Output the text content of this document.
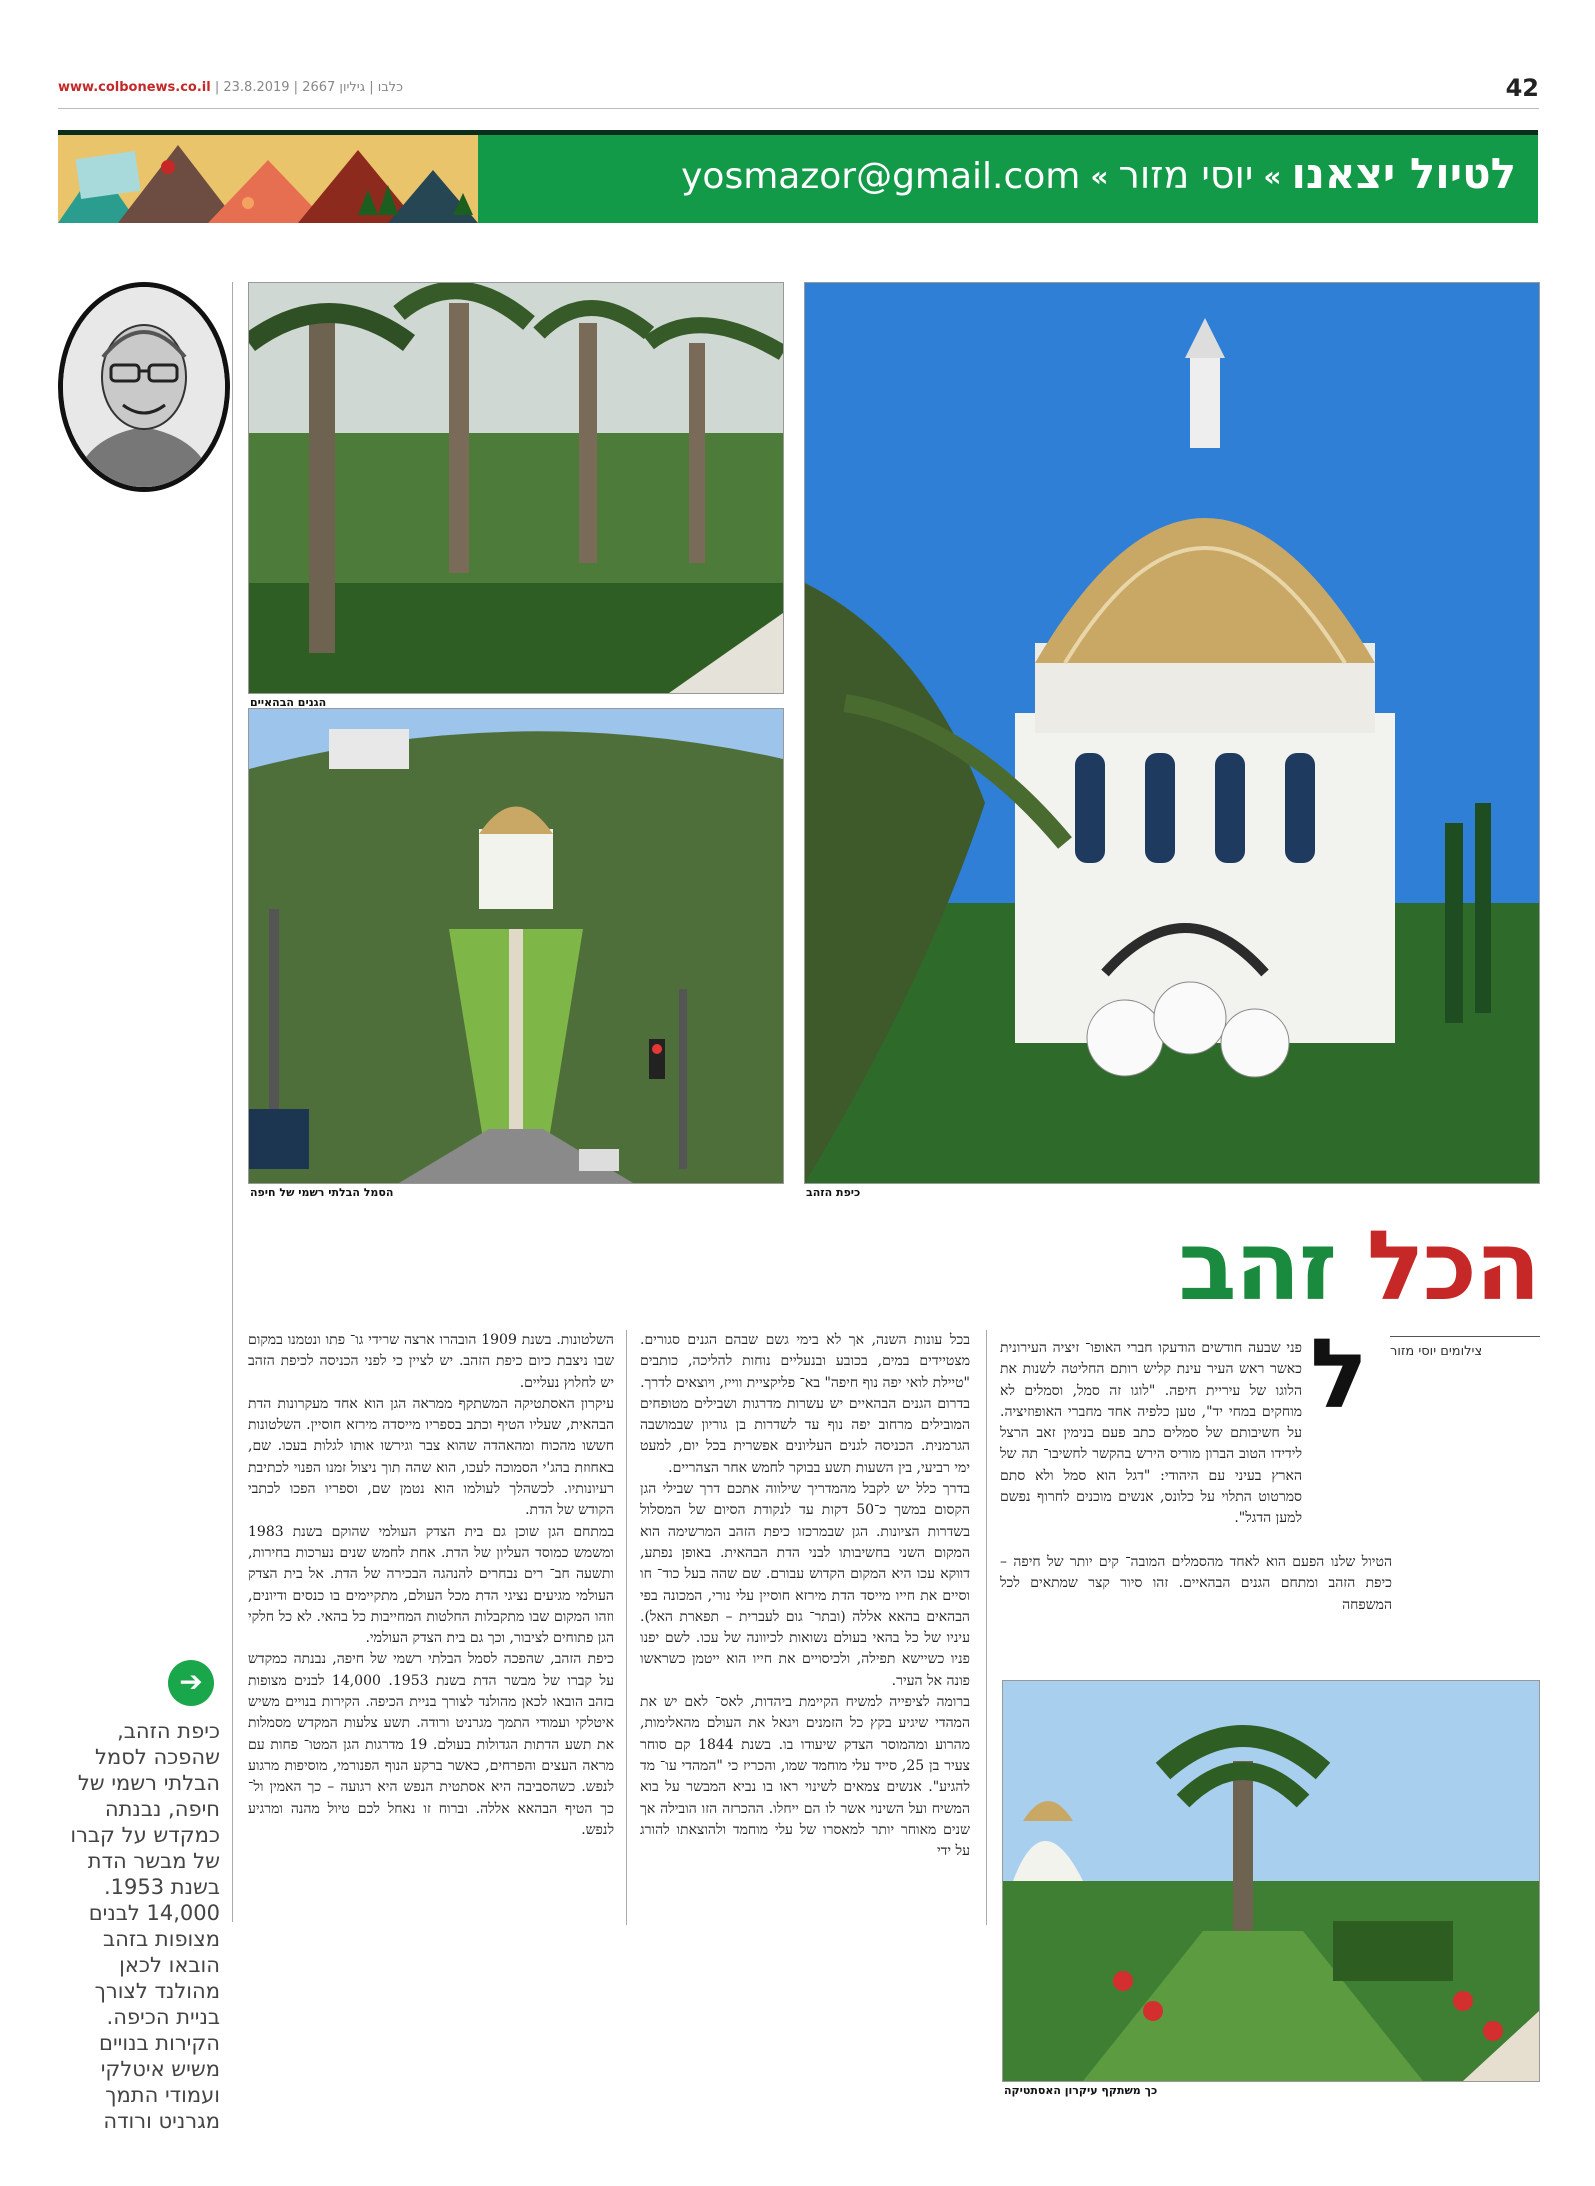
www.colbonews.co.il | כלבו | גיליון 2667 | 23.8.2019	42
לטיול יצאנו»יוסי מזור»yosmazor@gmail.com
כיפת הזהב
הגנים הבהאיים
הסמל הבלתי רשמי של חיפה
הכל זהב
צילומים יוסי מזור
ל

פני שבעה חודשים הודעקו חברי האופו־ זיציה העירונית כאשר ראש העיר עינת קליש רותם החליטה לשנות את הלוגו של עיריית חיפה. "לוגו זה סמל, וסמלים לא מוחקים במחי יד", טען כלפיה אחד מחברי האופוזיציה. על חשיבותם של סמלים כתב פעם בנימין זאב הרצל לידידו הטוב הברון מוריס הירש בהקשר לחשיבו־ תה של הארץ בעיני עם היהודי: "דגל הוא סמל ולא סתם סמרטוט התלוי על כלונס, אנשים מוכנים לחרוף נפשם למען הדגל".

הטיול שלנו הפעם הוא לאחד מהסמלים המובה־ קים יותר של חיפה – כיפת הזהב ומתחם הגנים הבהאיים. זהו סיור קצר שמתאים לכל המשפחה

בכל עונות השנה, אך לא בימי גשם שבהם הגנים סגורים. מצטיידים במים, בכובע ובנעליים נוחות להליכה, כותבים "טיילת לואי יפה נוף חיפה" בא־ פליקציית ווייז, ויוצאים לדרך.

בדרום הגנים הבהאיים יש עשרות מדרגות ושבילים מטופחים המובילים מרחוב יפה נוף עד לשדרות בן גוריון שבמושבה הגרמנית. הכניסה לגנים העליונים אפשרית בכל יום, למעט ימי רביעי, בין השעות תשע בבוקר לחמש אחר הצהריים.

בדרך כלל יש לקבל מהמדריך שילווה אתכם דרך שבילי הגן הקסום במשך כ־50 דקות עד לנקודת הסיום של המסלול בשדרות הציונות. הגן שבמרכזו כיפת הזהב המרשימה הוא המקום השני בחשיבותו לבני הדת הבהאית. באופן נפתע, דווקא עכו היא המקום הקדוש עבורם. שם שהה בעל כוד־ חו וסיים את חייו מייסד הדת מירזא חוסיין עלי נורי, המכונה בפי הבהאים בהאא אללה (ובתר־ גום לעברית – תפארת האל). עיניו של כל בהאי בעולם נשואות לכיוונה של עכו. לשם יפנו פניו כשיישא תפילה, ולכיסויים את חייו הוא ייטמן כשראשו פונה אל העיר.

ברומה לציפייה למשיח הקיימת ביהדות, לאס־ לאם יש את המהדי שיגיע בקץ כל הזמנים ויגאל את העולם מהאלימות, מהרוע ומהמוסר הצדק שיעודו בו. בשנת 1844 קם סוחר צעיר בן 25, סייד עלי מוחמד שמו, והכריז כי "המהדי עו־ מד להגיע". אנשים צמאים לשינוי ראו בו נביא המבשר על בוא המשיח ועל השינוי אשר לו הם ייחלו. ההכרזה הזו הובילה אך שנים מאוחר יותר למאסרו של עלי מוחמד ולהוצאתו להורג על ידי

השלטונות. בשנת 1909 הובהרו ארצה שרידי גו־ פתו ונטמנו במקום שבו ניצבת כיום כיפת הזהב. יש לציין כי לפני הכניסה לכיפת הזהב יש לחלוץ נעליים.

עיקרון האסתטיקה המשתקף ממראה הגן הוא אחד מעקרונות הדת הבהאית, שעליו הטיף וכתב בספריו מייסדה מירזא חוסיין. השלטונות חששו מהכוח ומהאהדה שהוא צבר וגירשו אותו לגלות בעכו. שם, באחוזת בהג'י הסמוכה לעכו, הוא שהה תוך ניצול זמנו הפנוי לכתיבת רעיונותיו. לכשהלך לעולמו הוא נטמן שם, וספריו הפכו לכתבי הקודש של הדת.

במתחם הגן שוכן גם בית הצדק העולמי שהוקם בשנת 1983 ומשמש כמוסד העליון של הדת. אחת לחמש שנים נערכות בחירות, ותשעה חב־ רים נבחרים להנהגה הבכירה של הדת. אל בית הצדק העולמי מגיעים נציגי הדת מכל העולם, מתקיימים בו כנסים ודיונים, וזהו המקום שבו מתקבלות החלטות המחייבות כל בהאי. לא כל חלקי הגן פתוחים לציבור, וכך גם בית הצדק העולמי.

כיפת הזהב, שהפכה לסמל הבלתי רשמי של חיפה, נבנתה כמקדש על קברו של מבשר הדת בשנת 1953. 14,000 לבנים מצופות בזהב הובאו לכאן מהולנד לצורך בניית הכיפה. הקירות בנויים משיש איטלקי ועמודי התמך מגרניט ורודה. תשע צלעות המקדש מסמלות את תשע הדתות הגדולות בעולם. 19 מדרגות הגן המטו־ פחות עם מראה העצים והפרחים, כאשר ברקע הנוף הפנורמי, מוסיפות מרגוע לנפש. כשהסביבה היא אסתטית הנפש היא רגועה – כך האמין ול־ כך הטיף הבהאא אללה. וברוח זו נאחל לכם טיול מהנה ומרגיע לנפש.

כך משתקף עיקרון האסתטיקה
➔
כיפת הזהב, שהפכה לסמל הבלתי רשמי של חיפה, נבנתה כמקדש על קברו של מבשר הדת בשנת 1953. 14,000 לבנים מצופות בזהב הובאו לכאן מהולנד לצורך בניית הכיפה. הקירות בנויים משיש איטלקי ועמודי התמך מגרניט ורודה
